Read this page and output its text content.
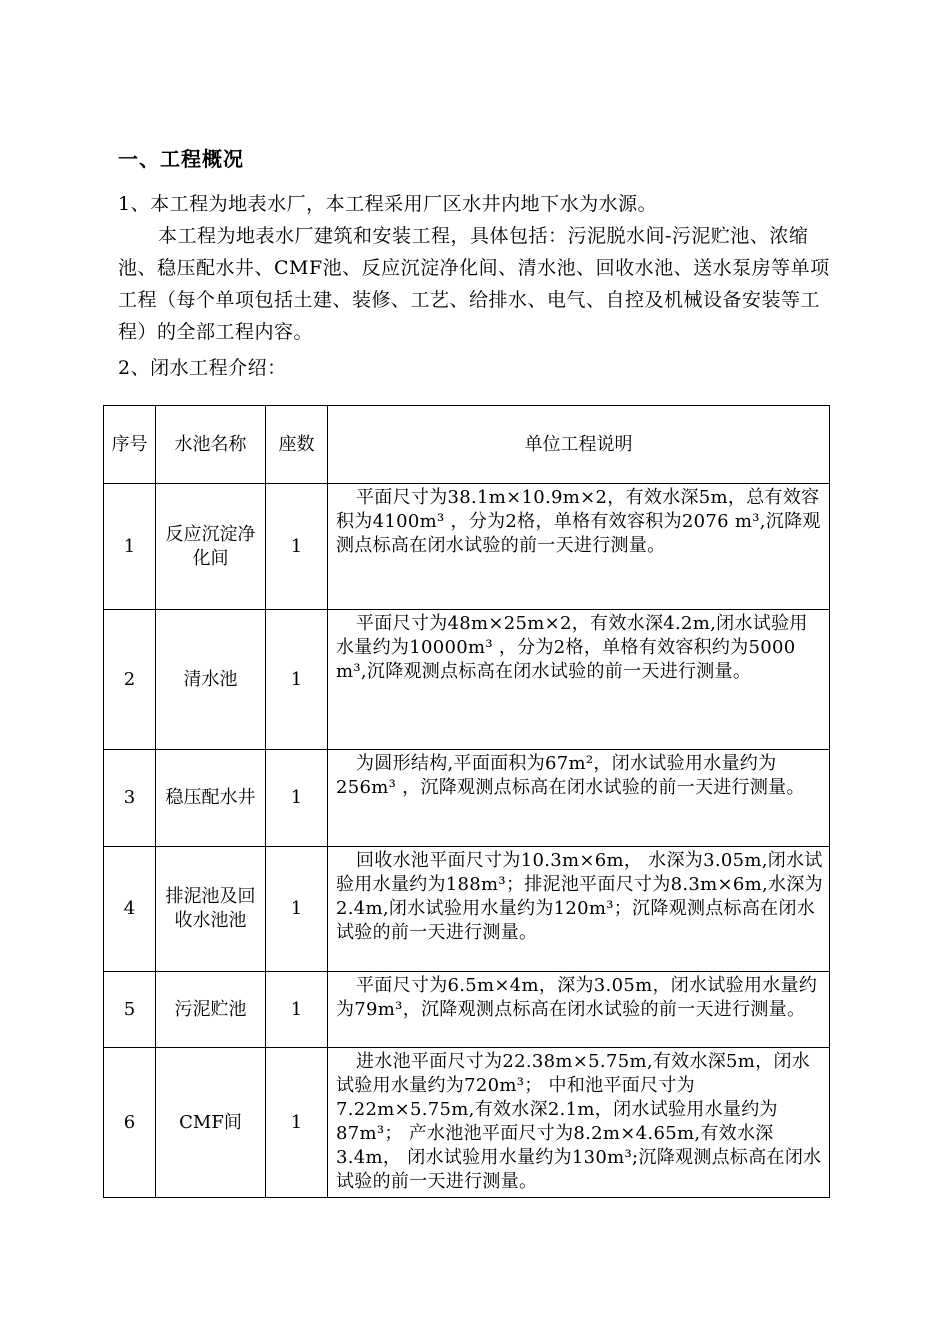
一、工程概况
1、本工程为地表水厂，本工程采用厂区水井内地下水为水源。
本工程为地表水厂建筑和安装工程，具体包括：污泥脱水间-污泥贮池、浓缩池、稳压配水井、CMF池、反应沉淀净化间、清水池、回收水池、送水泵房等单项工程（每个单项包括土建、装修、工艺、给排水、电气、自控及机械设备安装等工程）的全部工程内容。
2、闭水工程介绍：
序号	水池名称	座数	单位工程说明
1	反应沉淀净化间	1	平面尺寸为38.1m×10.9m×2，有效水深5m，总有效容积为4100m³ ，分为2格，单格有效容积为2076 m³,沉降观测点标高在闭水试验的前一天进行测量。
2	清水池	1	平面尺寸为48m×25m×2，有效水深4.2m,闭水试验用水量约为10000m³ ，分为2格，单格有效容积约为5000 m³,沉降观测点标高在闭水试验的前一天进行测量。
3	稳压配水井	1	为圆形结构,平面面积为67m²，闭水试验用水量约为256m³ ，沉降观测点标高在闭水试验的前一天进行测量。
4	排泥池及回收水池池	1	回收水池平面尺寸为10.3m×6m， 水深为3.05m,闭水试验用水量约为188m³；排泥池平面尺寸为8.3m×6m,水深为2.4m,闭水试验用水量约为120m³；沉降观测点标高在闭水试验的前一天进行测量。
5	污泥贮池	1	平面尺寸为6.5m×4m，深为3.05m，闭水试验用水量约为79m³，沉降观测点标高在闭水试验的前一天进行测量。
6	CMF间	1	进水池平面尺寸为22.38m×5.75m,有效水深5m，闭水试验用水量约为720m³； 中和池平面尺寸为7.22m×5.75m,有效水深2.1m，闭水试验用水量约为87m³； 产水池池平面尺寸为8.2m×4.65m,有效水深3.4m， 闭水试验用水量约为130m³;沉降观测点标高在闭水试验的前一天进行测量。
